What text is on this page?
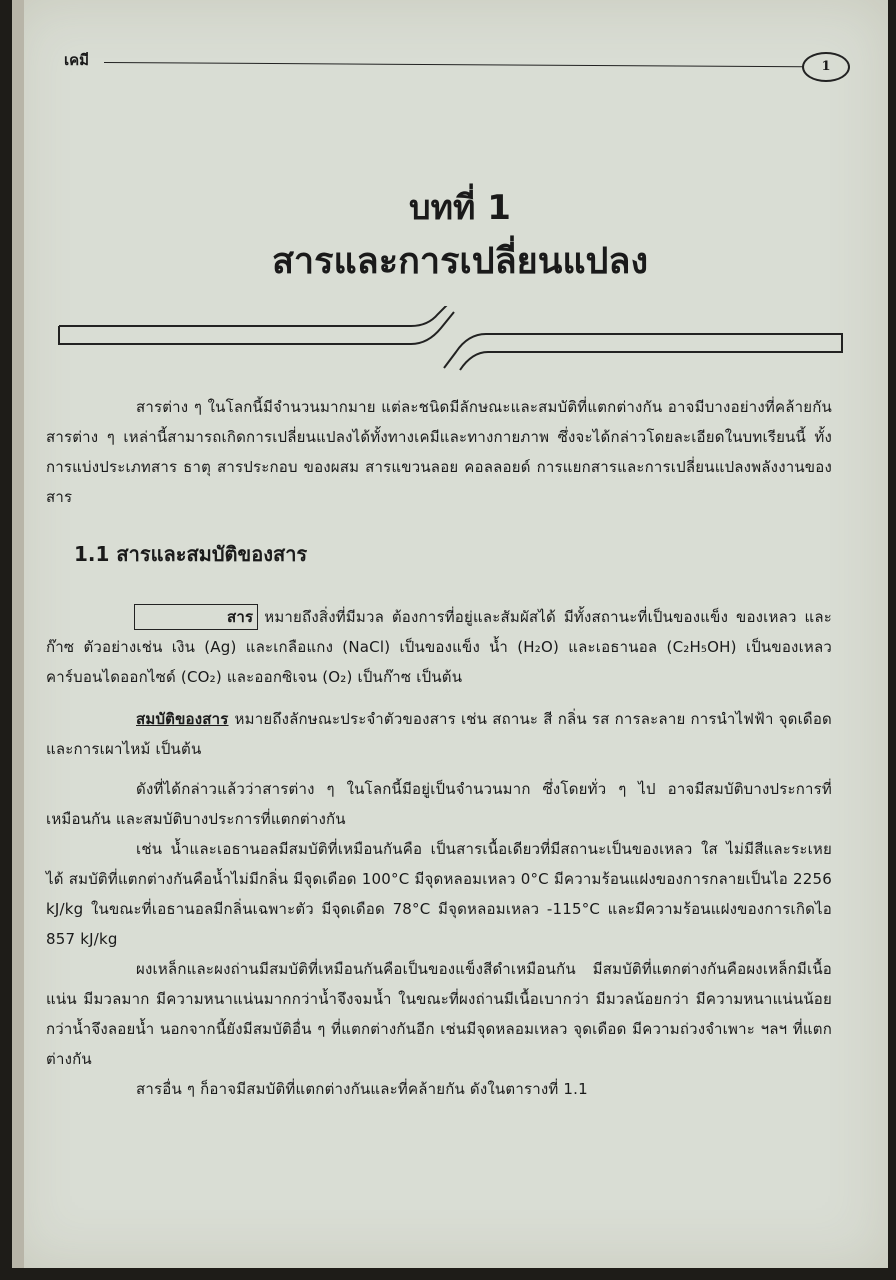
เคมี	1
บทที่ 1
สารและการเปลี่ยนแปลง
สารต่าง ๆ ในโลกนี้มีจำนวนมากมาย แต่ละชนิดมีลักษณะและสมบัติที่แตกต่างกัน อาจมีบางอย่างที่คล้ายกัน สารต่าง ๆ เหล่านี้สามารถเกิดการเปลี่ยนแปลงได้ทั้งทางเคมีและทางกายภาพ ซึ่งจะได้กล่าวโดยละเอียดในบทเรียนนี้ ทั้งการแบ่งประเภทสาร ธาตุ สารประกอบ ของผสม สารแขวนลอย คอลลอยด์ การแยกสารและการเปลี่ยนแปลงพลังงานของสาร
1.1 สารและสมบัติของสาร
สาร หมายถึงสิ่งที่มีมวล ต้องการที่อยู่และสัมผัสได้ มีทั้งสถานะที่เป็นของแข็ง ของเหลว และก๊าซ ตัวอย่างเช่น เงิน (Ag) และเกลือแกง (NaCl) เป็นของแข็ง น้ำ (H₂O) และเอธานอล (C₂H₅OH) เป็นของเหลว คาร์บอนไดออกไซด์ (CO₂) และออกซิเจน (O₂) เป็นก๊าซ เป็นต้น
สมบัติของสาร หมายถึงลักษณะประจำตัวของสาร เช่น สถานะ สี กลิ่น รส การละลาย การนำไฟฟ้า จุดเดือดและการเผาไหม้ เป็นต้น
ดังที่ได้กล่าวแล้วว่าสารต่าง ๆ ในโลกนี้มีอยู่เป็นจำนวนมาก ซึ่งโดยทั่ว ๆ ไป อาจมีสมบัติบางประการที่เหมือนกัน และสมบัติบางประการที่แตกต่างกัน
เช่น น้ำและเอธานอลมีสมบัติที่เหมือนกันคือ เป็นสารเนื้อเดียวที่มีสถานะเป็นของเหลว ใส ไม่มีสีและระเหยได้ สมบัติที่แตกต่างกันคือน้ำไม่มีกลิ่น มีจุดเดือด 100°C มีจุดหลอมเหลว 0°C มีความร้อนแฝงของการกลายเป็นไอ 2256 kJ/kg ในขณะที่เอธานอลมีกลิ่นเฉพาะตัว มีจุดเดือด 78°C มีจุดหลอมเหลว -115°C และมีความร้อนแฝงของการเกิดไอ 857 kJ/kg
ผงเหล็กและผงถ่านมีสมบัติที่เหมือนกันคือเป็นของแข็งสีดำเหมือนกัน มีสมบัติที่แตกต่างกันคือผงเหล็กมีเนื้อแน่น มีมวลมาก มีความหนาแน่นมากกว่าน้ำจึงจมน้ำ ในขณะที่ผงถ่านมีเนื้อเบากว่า มีมวลน้อยกว่า มีความหนาแน่นน้อยกว่าน้ำจึงลอยน้ำ นอกจากนี้ยังมีสมบัติอื่น ๆ ที่แตกต่างกันอีก เช่นมีจุดหลอมเหลว จุดเดือด มีความถ่วงจำเพาะ ฯลฯ ที่แตกต่างกัน
สารอื่น ๆ ก็อาจมีสมบัติที่แตกต่างกันและที่คล้ายกัน ดังในตารางที่ 1.1
